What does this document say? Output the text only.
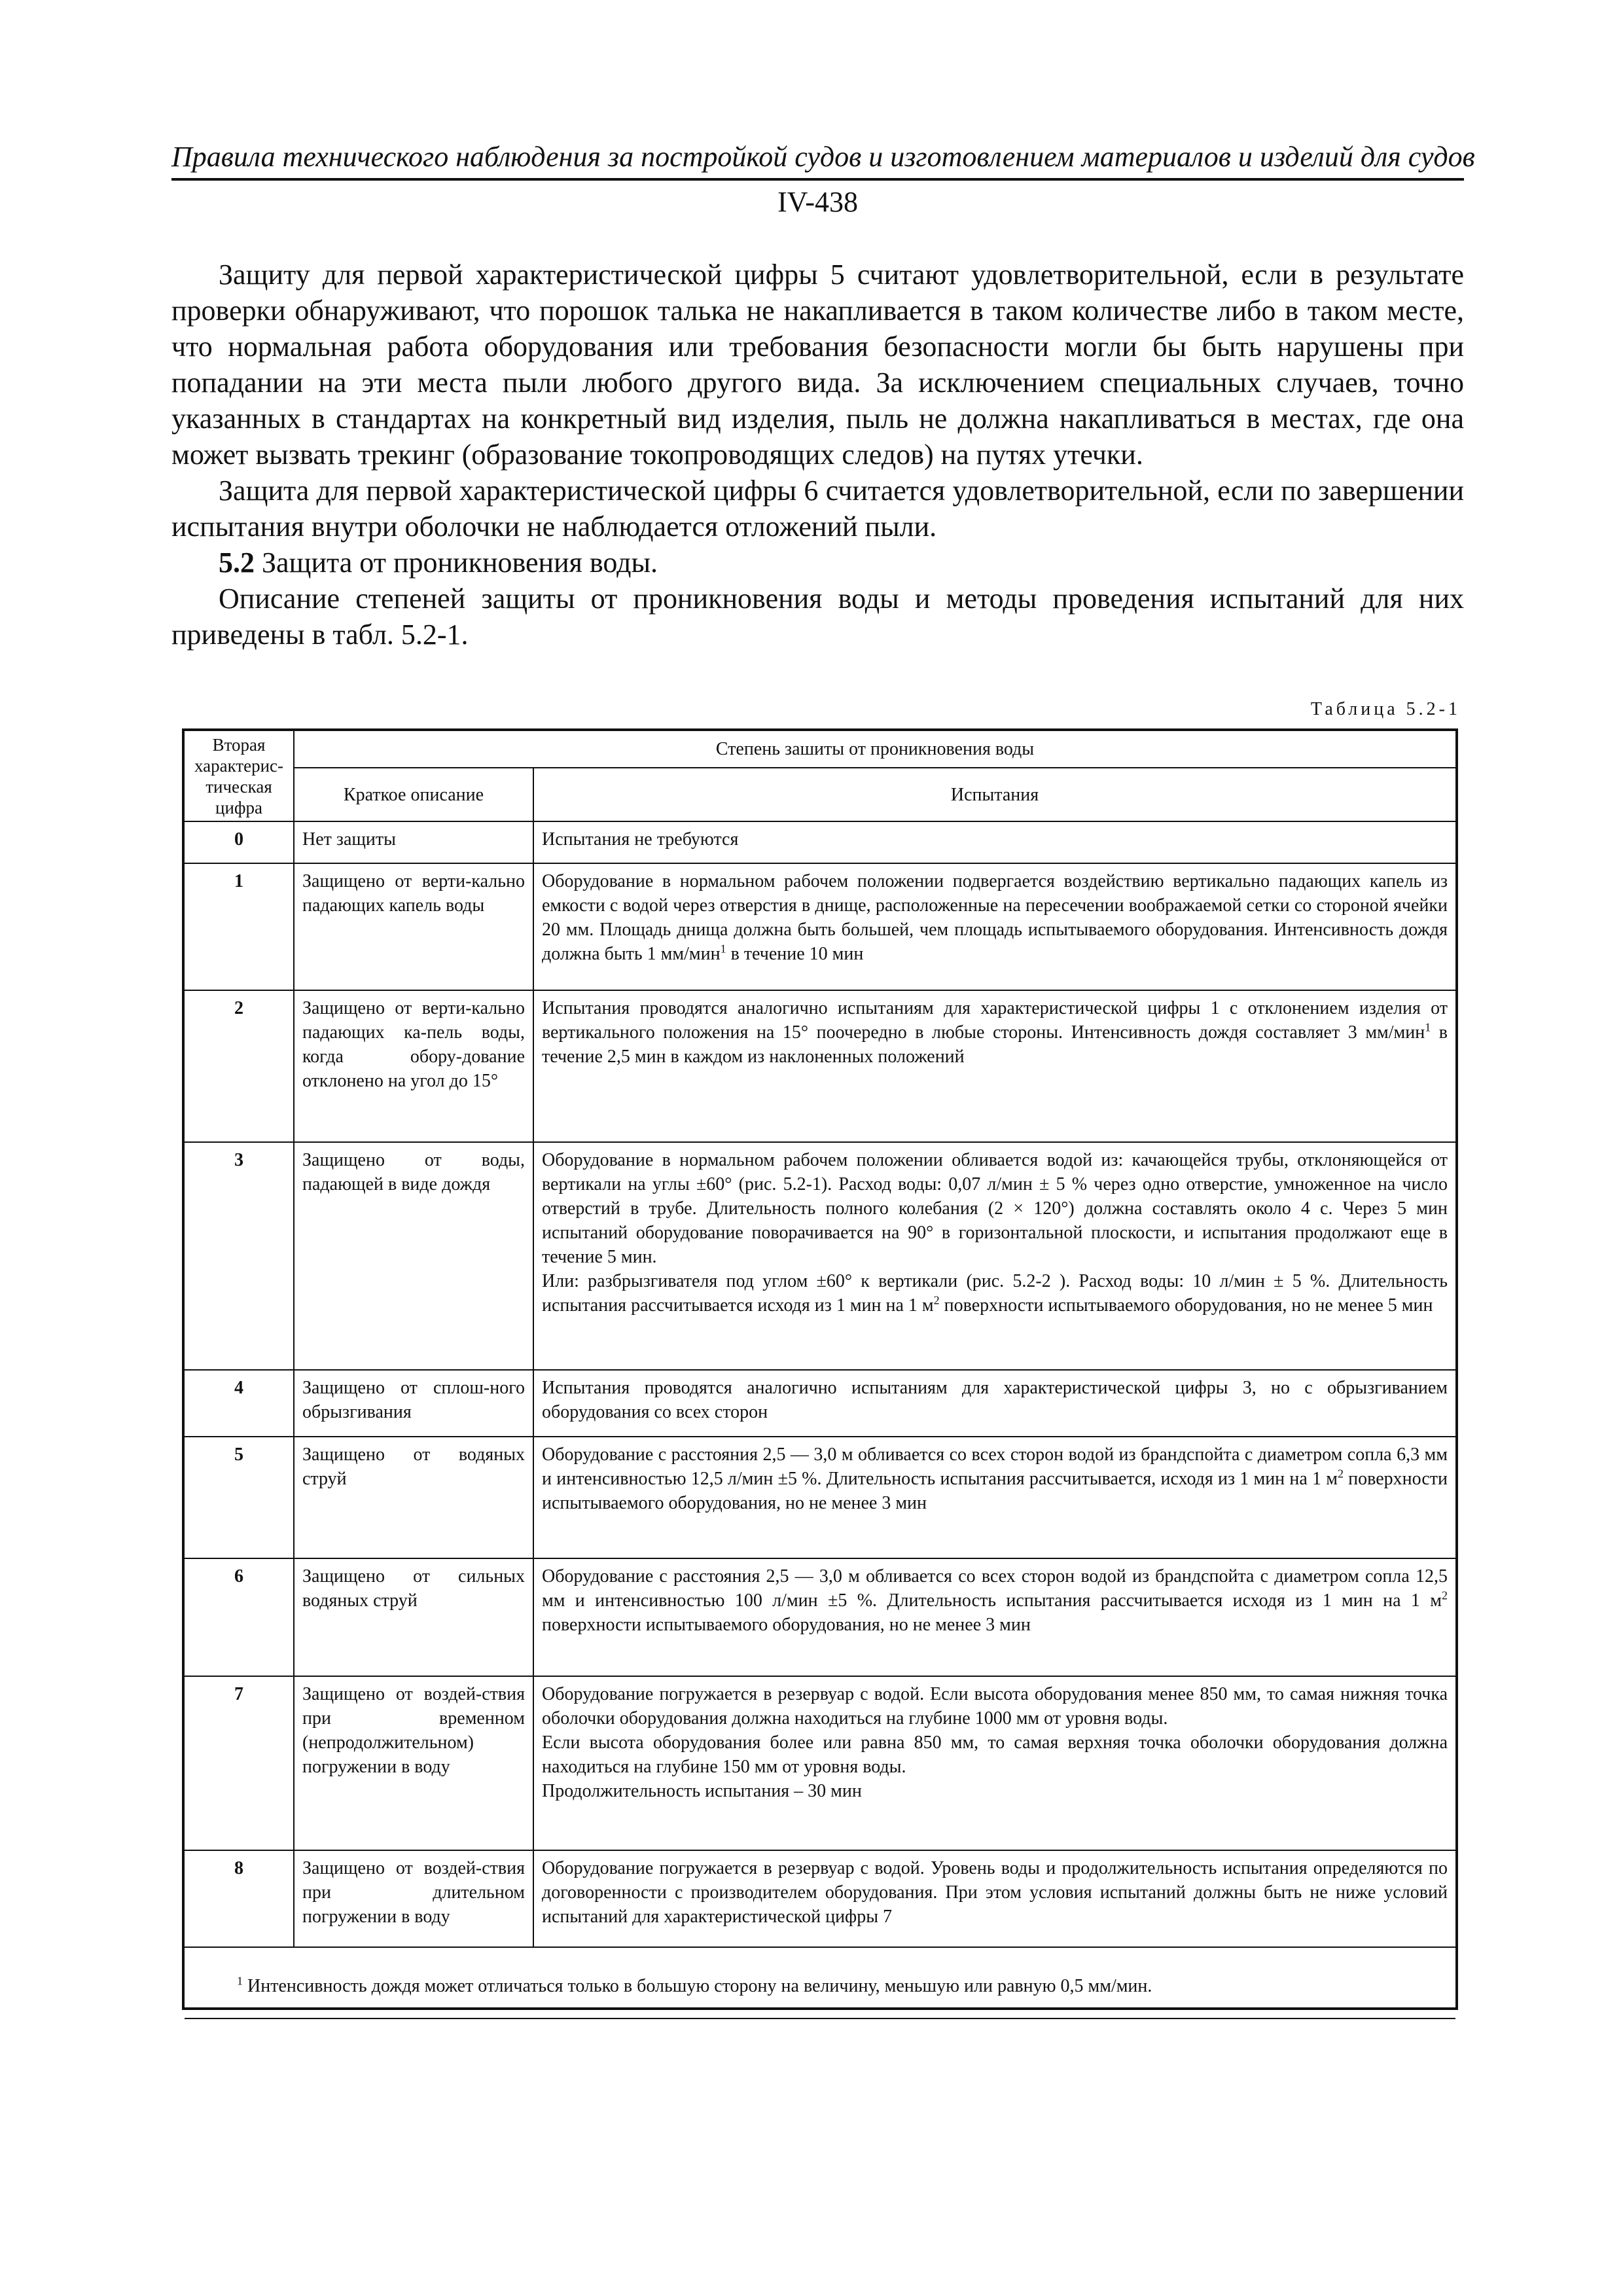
Правила технического наблюдения за постройкой судов и изготовлением материалов и изделий для судов
IV-438

Защиту для первой характеристической цифры 5 считают удовлетворительной, если в результате проверки обнаруживают, что порошок талька не накапливается в таком количестве либо в таком месте, что нормальная работа оборудования или требования безопасности могли бы быть нарушены при попадании на эти места пыли любого другого вида. За исключением специальных случаев, точно указанных в стандартах на конкретный вид изделия, пыль не должна накапливаться в местах, где она может вызвать трекинг (образование токопроводящих следов) на путях утечки.

Защита для первой характеристической цифры 6 считается удовлетворительной, если по завершении испытания внутри оболочки не наблюдается отложений пыли.

5.2 Защита от проникновения воды.

Описание степеней защиты от проникновения воды и методы проведения испытаний для них приведены в табл. 5.2-1.

Таблица 5.2-1
Вторая характерис-тическая цифра	Степень зашиты от проникновения воды	
	Краткое описание	Испытания
0	Нет защиты	Испытания не требуются
1	Защищено от верти-кально падающих капель воды	Оборудование в нормальном рабочем положении подвергается воздействию вертикально падающих капель из емкости с водой через отверстия в днище, расположенные на пересечении воображаемой сетки со стороной ячейки 20 мм. Площадь днища должна быть большей, чем площадь испытываемого оборудования. Интенсивность дождя должна быть 1 мм/мин$^1$ в течение 10 мин
2	Защищено от верти-кально падающих ка-пель воды, когда обору-дование отклонено на угол до 15°	Испытания проводятся аналогично испытаниям для характеристической цифры 1 с отклонением изделия от вертикального положения на 15° поочередно в любые стороны. Интенсивность дождя составляет 3 мм/мин$^1$ в течение 2,5 мин в каждом из наклоненных положений
3	Защищено от воды, падающей в виде дождя	Оборудование в нормальном рабочем положении обливается водой из: качающейся трубы, отклоняющейся от вертикали на углы ±60° (рис. 5.2-1). Расход воды: 0,07 л/мин ± 5 % через одно отверстие, умноженное на число отверстий в трубе. Длительность полного колебания (2 × 120°) должна составлять около 4 с. Через 5 мин испытаний оборудование поворачивается на 90° в горизонтальной плоскости, и испытания продолжают еще в течение 5 мин.
Или: разбрызгивателя под углом ±60° к вертикали (рис. 5.2-2 ). Расход воды: 10 л/мин ± 5 %. Длительность испытания рассчитывается исходя из 1 мин на 1 $м^2$ поверхности испытываемого оборудования, но не менее 5 мин
4	Защищено от сплош-ного обрызгивания	Испытания проводятся аналогично испытаниям для характеристической цифры 3, но с обрызгиванием оборудования со всех сторон
5	Защищено от водяных струй	Оборудование с расстояния 2,5 — 3,0 м обливается со всех сторон водой из брандспойта с диаметром сопла 6,3 мм и интенсивностью 12,5 л/мин ±5 %. Длительность испытания рассчитывается, исходя из 1 мин на 1 $м^2$ поверхности испытываемого оборудования, но не менее 3 мин
6	Защищено от сильных водяных струй	Оборудование с расстояния 2,5 — 3,0 м обливается со всех сторон водой из брандспойта с диаметром сопла 12,5 мм и интенсивностью 100 л/мин ±5 %. Длительность испытания рассчитывается исходя из 1 мин на 1 $м^2$ поверхности испытываемого оборудования, но не менее 3 мин
7	Защищено от воздей-ствия при временном (непродолжительном) погружении в воду	Оборудование погружается в резервуар с водой. Если высота оборудования менее 850 мм, то самая нижняя точка оболочки оборудования должна находиться на глубине 1000 мм от уровня воды.
Если высота оборудования более или равна 850 мм, то самая верхняя точка оболочки оборудования должна находиться на глубине 150 мм от уровня воды.
Продолжительность испытания – 30 мин
8	Защищено от воздей-ствия при длительном погружении в воду	Оборудование погружается в резервуар с водой. Уровень воды и продолжительность испытания определяются по договоренности с производителем оборудования. При этом условия испытаний должны быть не ниже условий испытаний для характеристической цифры 7
$^1$ Интенсивность дождя может отличаться только в большую сторону на величину, меньшую или равную 0,5 мм/мин.		
